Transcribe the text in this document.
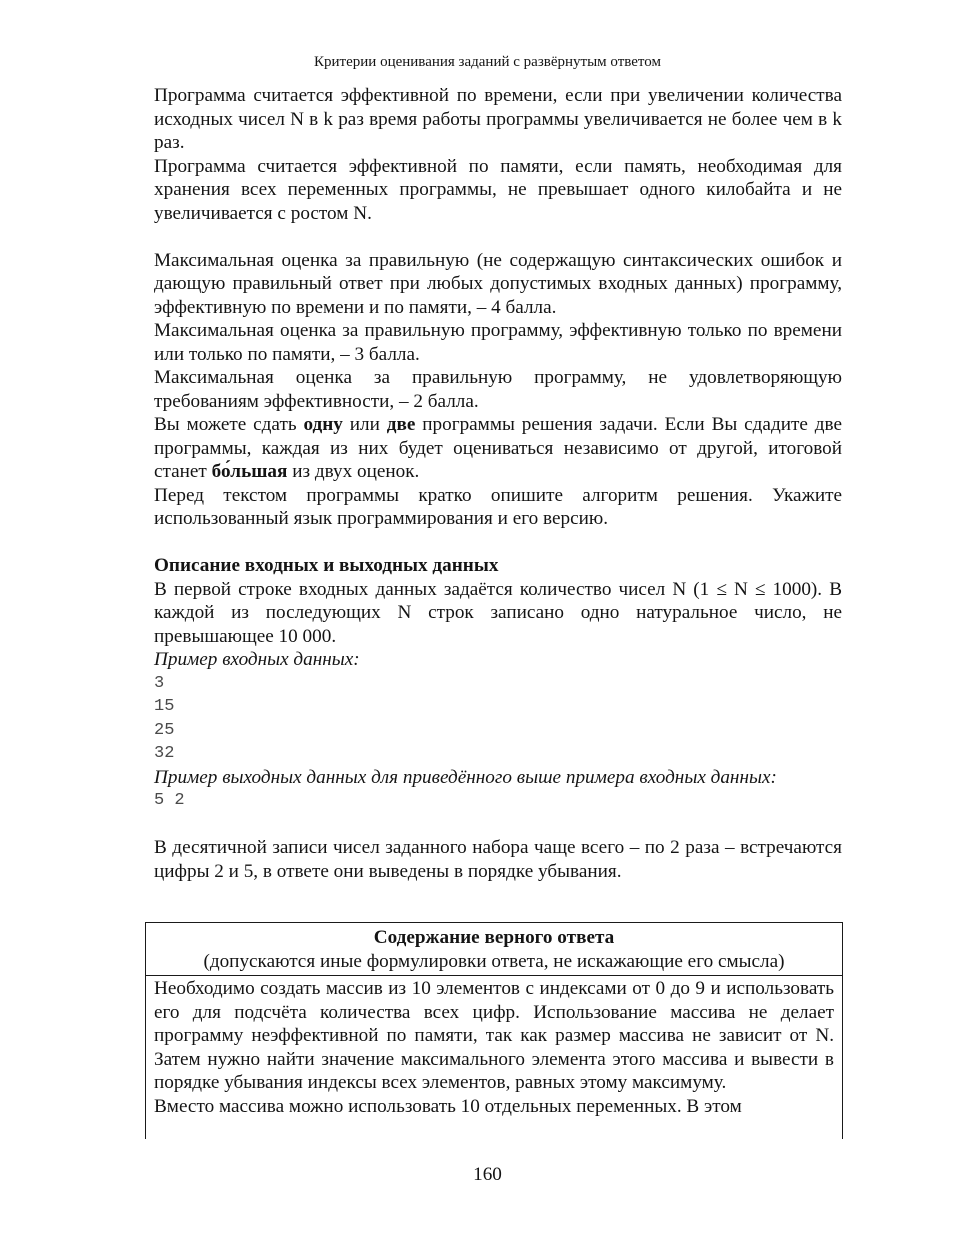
Критерии оценивания заданий с развёрнутым ответом

Программа считается эффективной по времени, если при увеличении количества исходных чисел N в k раз время работы программы увеличивается не более чем в k раз.

Программа считается эффективной по памяти, если память, необходимая для хранения всех переменных программы, не превышает одного килобайта и не увеличивается с ростом N.

Максимальная оценка за правильную (не содержащую синтаксических ошибок и дающую правильный ответ при любых допустимых входных данных) программу, эффективную по времени и по памяти, – 4 балла.

Максимальная оценка за правильную программу, эффективную только по времени или только по памяти, – 3 балла.

Максимальная оценка за правильную программу, не удовлетворяющую требованиям эффективности, – 2 балла.

Вы можете сдать одну или две программы решения задачи. Если Вы сдадите две программы, каждая из них будет оцениваться независимо от другой, итоговой станет бо́льшая из двух оценок.

Перед текстом программы кратко опишите алгоритм решения. Укажите использованный язык программирования и его версию.

Описание входных и выходных данных

В первой строке входных данных задаётся количество чисел N (1 ≤ N ≤ 1000). В каждой из последующих N строк записано одно натуральное число, не превышающее 10 000.

Пример входных данных:

3
15
25
32

Пример выходных данных для приведённого выше примера входных данных:

5 2

В десятичной записи чисел заданного набора чаще всего – по 2 раза – встречаются цифры 2 и 5, в ответе они выведены в порядке убывания.

Содержание верного ответа
(допускаются иные формулировки ответа, не искажающие его смысла)

Необходимо создать массив из 10 элементов с индексами от 0 до 9 и использовать его для подсчёта количества всех цифр. Использование массива не делает программу неэффективной по памяти, так как размер массива не зависит от N. Затем нужно найти значение максимального элемента этого массива и вывести в порядке убывания индексы всех элементов, равных этому максимуму.

Вместо массива можно использовать 10 отдельных переменных. В этом

160
